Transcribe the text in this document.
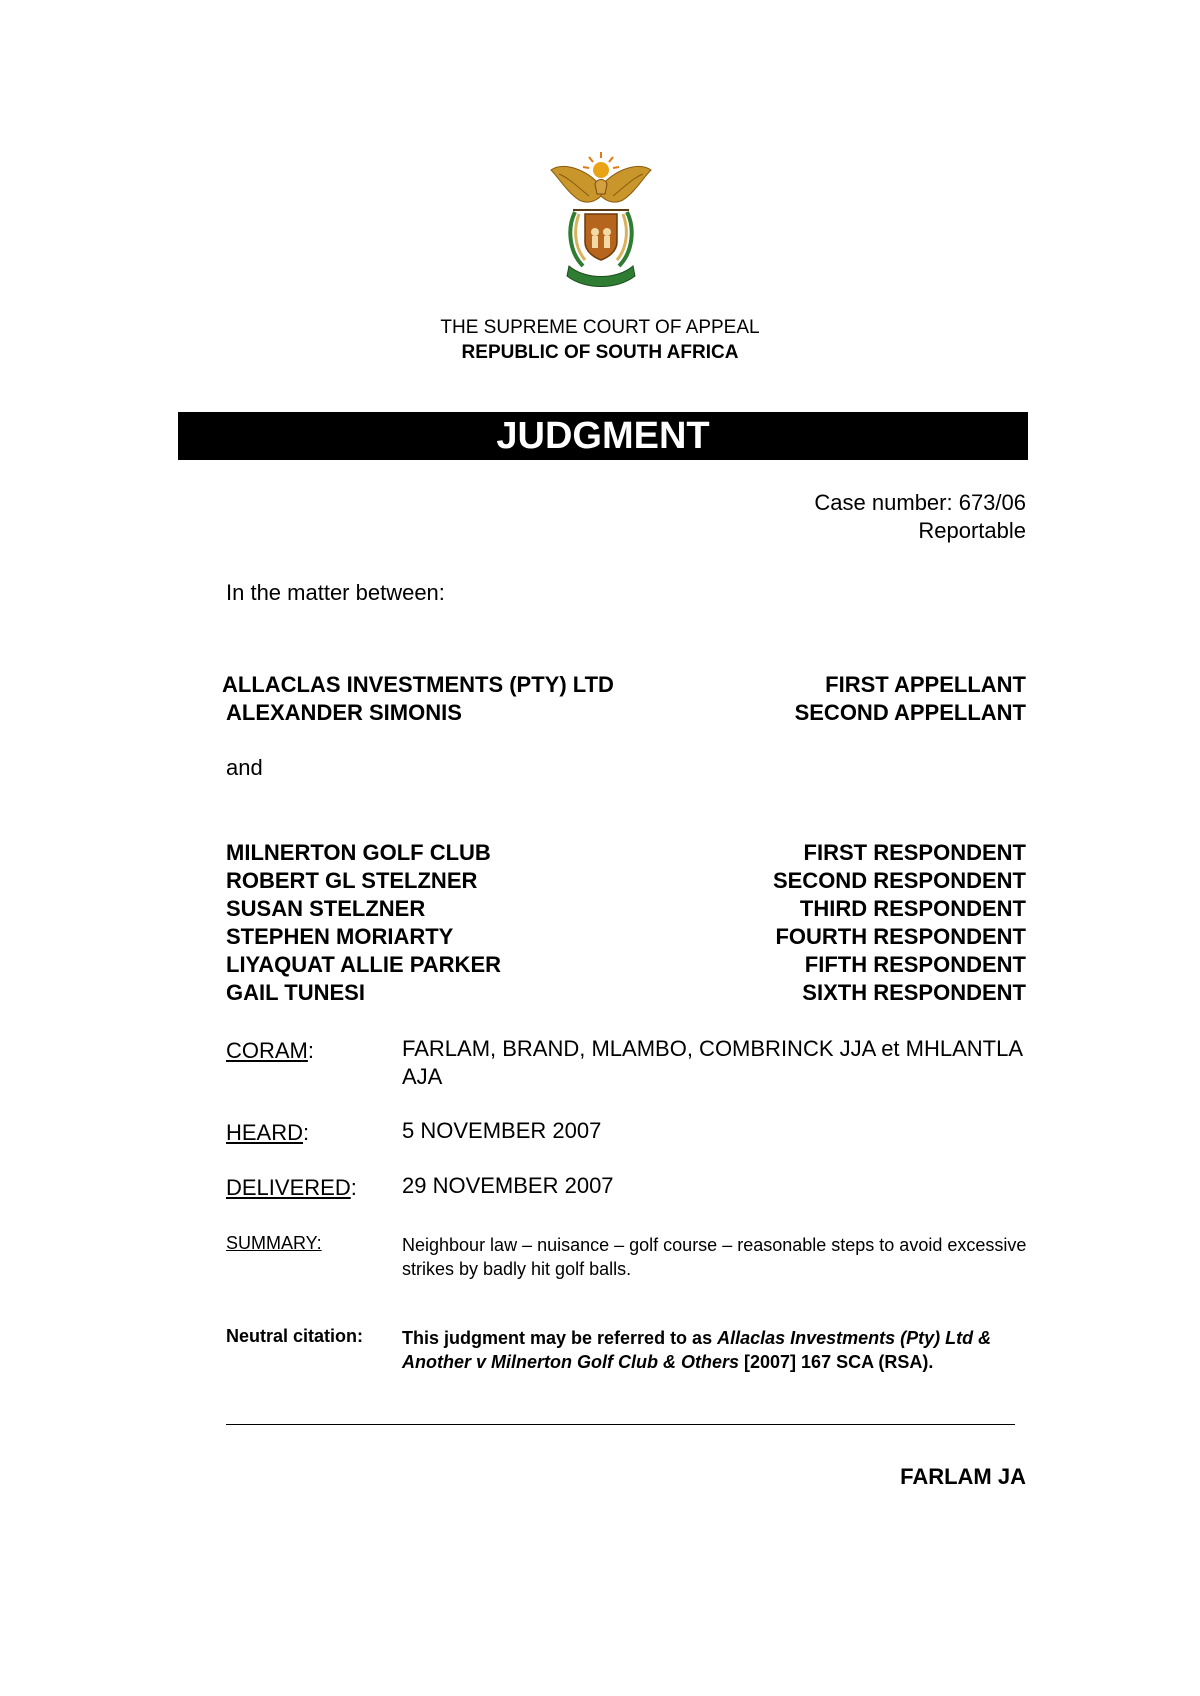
THE SUPREME COURT OF APPEAL
REPUBLIC OF SOUTH AFRICA
JUDGMENT
Case number: 673/06
Reportable
In the matter between:
ALLACLAS INVESTMENTS (PTY) LTD	FIRST APPELLANT
ALEXANDER SIMONIS	SECOND APPELLANT
and
MILNERTON GOLF CLUB	FIRST RESPONDENT
ROBERT GL STELZNER	SECOND RESPONDENT
SUSAN STELZNER	THIRD RESPONDENT
STEPHEN MORIARTY	FOURTH RESPONDENT
LIYAQUAT ALLIE PARKER	FIFTH RESPONDENT
GAIL TUNESI	SIXTH RESPONDENT
CORAM:	FARLAM, BRAND, MLAMBO, COMBRINCK JJA et MHLANTLA AJA
HEARD:	5 NOVEMBER 2007
DELIVERED: 29 NOVEMBER 2007
SUMMARY:	Neighbour law – nuisance – golf course – reasonable steps to avoid excessive strikes by badly hit golf balls.
Neutral citation: This judgment may be referred to as Allaclas Investments (Pty) Ltd & Another v Milnerton Golf Club & Others [2007] 167 SCA (RSA).
FARLAM JA
